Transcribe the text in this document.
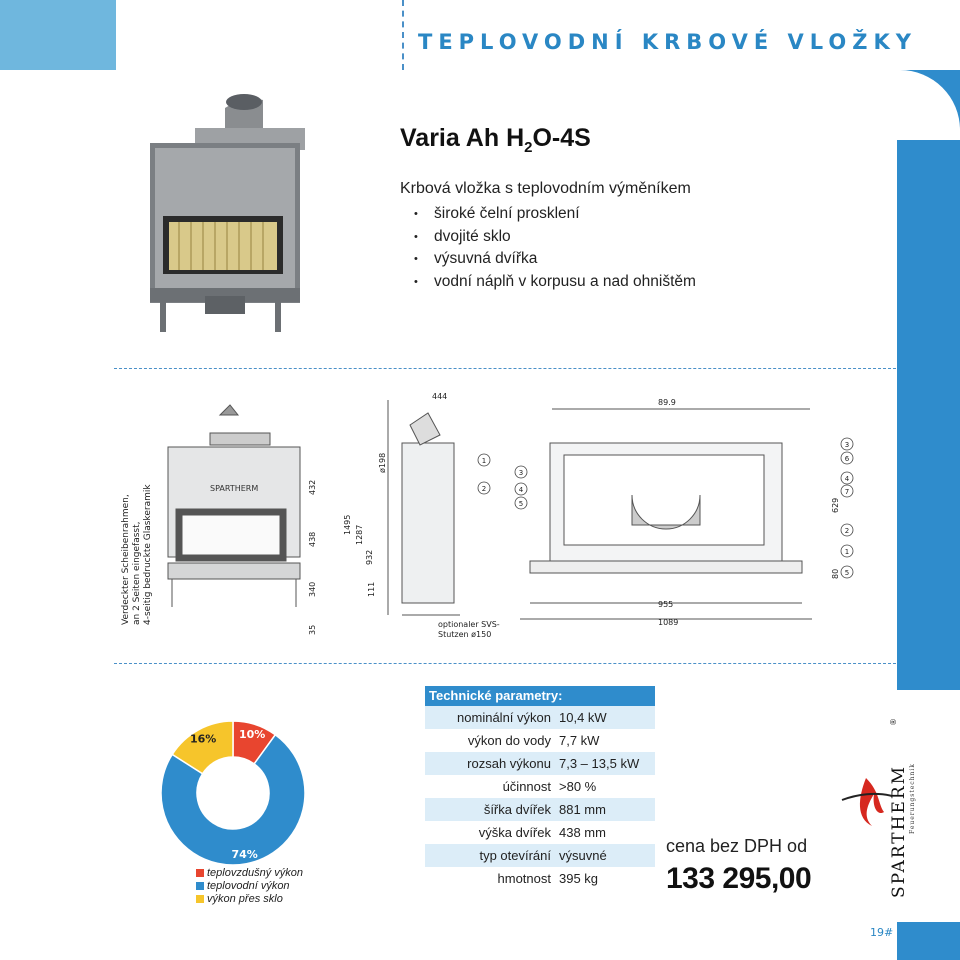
TEPLOVODNÍ KRBOVÉ VLOŽKY
Varia Ah $H_2O-4S$
Krbová vložka s teplovodním výměníkem
• široké čelní prosklení
• dvojité sklo
• výsuvná dvířka
• vodní náplň v korpusu a nad ohništěm
Verdeckter Scheibenrahmen, an 2 Seiten eingefasst, 4-seitig bedruckte Glaskeramik	SPARTHERM	432
438
340
35
444
ø198
1495 1287
932
111
optionaler SVS-
Stutzen ø150
89.9
629
80
955
1089
1
2
3
4
5
3
6
4
7
2
1
5
10%
74%
16%
teplovzdušný výkon
teplovodní výkon
výkon přes sklo
Technické parametry:
nominální výkon 10,4 kW
výkon do vody 7,7 kW
rozsah výkonu 7,3 – 13,5 kW
účinnost >80 %
šířka dvířek 881 mm
výška dvířek 438 mm
typ otevírání výsuvné
hmotnost 395 kg
cena bez DPH od
133 295,00	SPARTHERM Feuerungstechnik
®
19#
